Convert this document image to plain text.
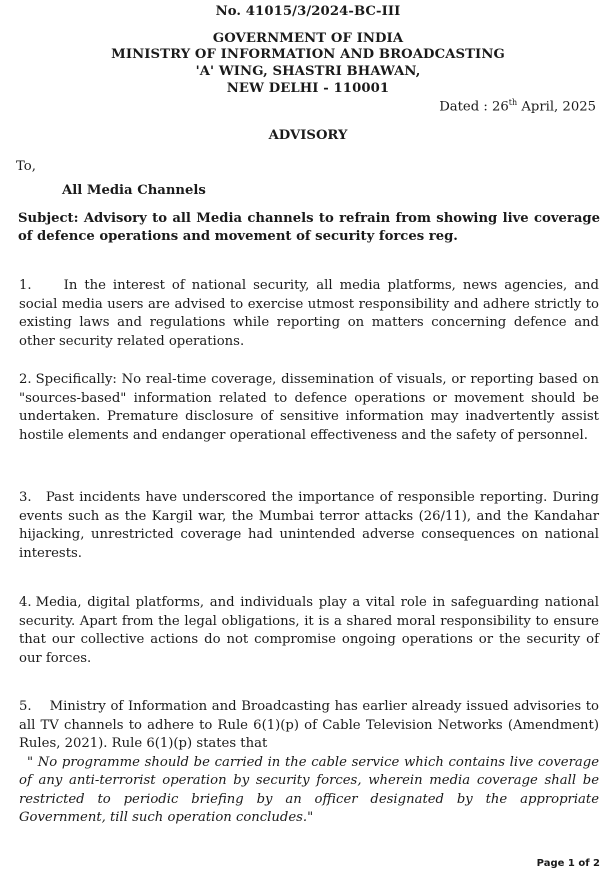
No. 41015/3/2024-BC-III
GOVERNMENT OF INDIA
MINISTRY OF INFORMATION AND BROADCASTING
'A' WING, SHASTRI BHAWAN,
NEW DELHI - 110001
Dated : 26th April, 2025
ADVISORY
To,
All Media Channels
Subject: Advisory to all Media channels to refrain from showing live coverage of defence operations and movement of security forces reg.
1. In the interest of national security, all media platforms, news agencies, and social media users are advised to exercise utmost responsibility and adhere strictly to existing laws and regulations while reporting on matters concerning defence and other security related operations.
2. Specifically: No real-time coverage, dissemination of visuals, or reporting based on "sources-based" information related to defence operations or movement should be undertaken. Premature disclosure of sensitive information may inadvertently assist hostile elements and endanger operational effectiveness and the safety of personnel.
3. Past incidents have underscored the importance of responsible reporting. During events such as the Kargil war, the Mumbai terror attacks (26/11), and the Kandahar hijacking, unrestricted coverage had unintended adverse consequences on national interests.
4. Media, digital platforms, and individuals play a vital role in safeguarding national security. Apart from the legal obligations, it is a shared moral responsibility to ensure that our collective actions do not compromise ongoing operations or the security of our forces.
5. Ministry of Information and Broadcasting has earlier already issued advisories to all TV channels to adhere to Rule 6(1)(p) of Cable Television Networks (Amendment) Rules, 2021). Rule 6(1)(p) states that
" No programme should be carried in the cable service which contains live coverage of any anti-terrorist operation by security forces, wherein media coverage shall be restricted to periodic briefing by an officer designated by the appropriate Government, till such operation concludes."
Page 1 of 2
